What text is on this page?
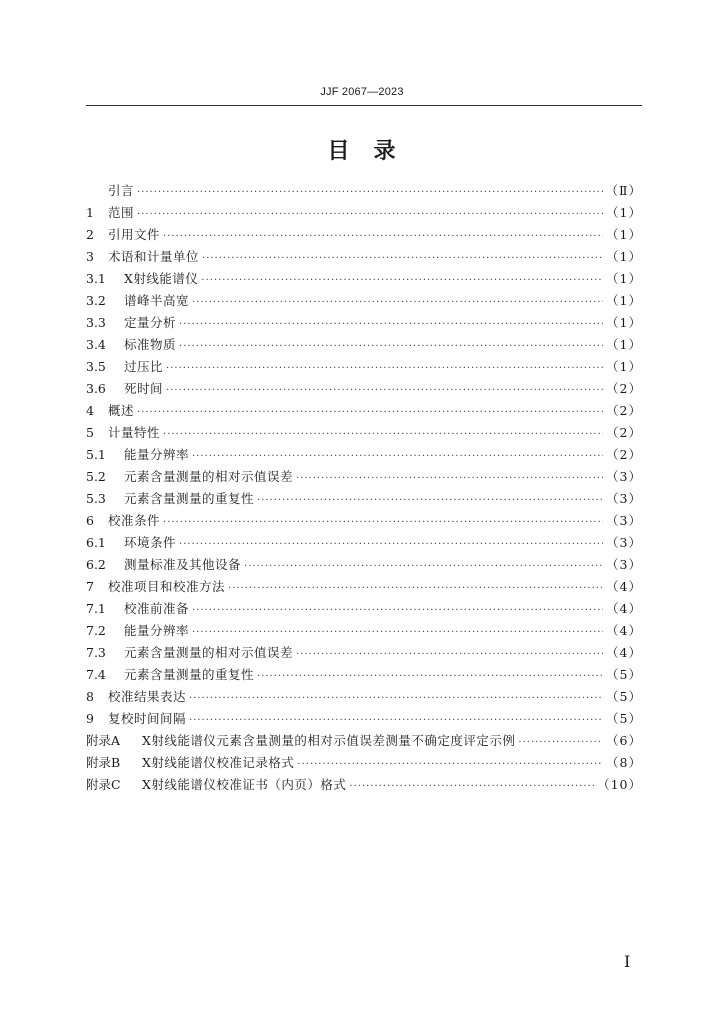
JJF 2067—2023
目　录
引言 ·····	（Ⅱ）
1	范围 ·····	（1）
2	引用文件 ·····	（1）
3	术语和计量单位 ·····	（1）
3.1	X射线能谱仪 ·····	（1）
3.2	谱峰半高宽 ·····	（1）
3.3	定量分析 ·····	（1）
3.4	标准物质 ·····	（1）
3.5	过压比 ·····	（1）
3.6	死时间 ·····	（2）
4	概述 ·····	（2）
5	计量特性 ·····	（2）
5.1	能量分辨率 ·····	（2）
5.2	元素含量测量的相对示值误差 ·····	（3）
5.3	元素含量测量的重复性 ·····	（3）
6	校准条件 ·····	（3）
6.1	环境条件 ·····	（3）
6.2	测量标准及其他设备 ·····	（3）
7	校准项目和校准方法 ·····	（4）
7.1	校准前准备 ·····	（4）
7.2	能量分辨率 ·····	（4）
7.3	元素含量测量的相对示值误差 ·····	（4）
7.4	元素含量测量的重复性 ·····	（5）
8	校准结果表达 ·····	（5）
9	复校时间间隔 ·····	（5）
附录A	X射线能谱仪元素含量测量的相对示值误差测量不确定度评定示例 ·····	（6）
附录B	X射线能谱仪校准记录格式 ·····	（8）
附录C	X射线能谱仪校准证书（内页）格式 ·····	（10）
Ⅰ
